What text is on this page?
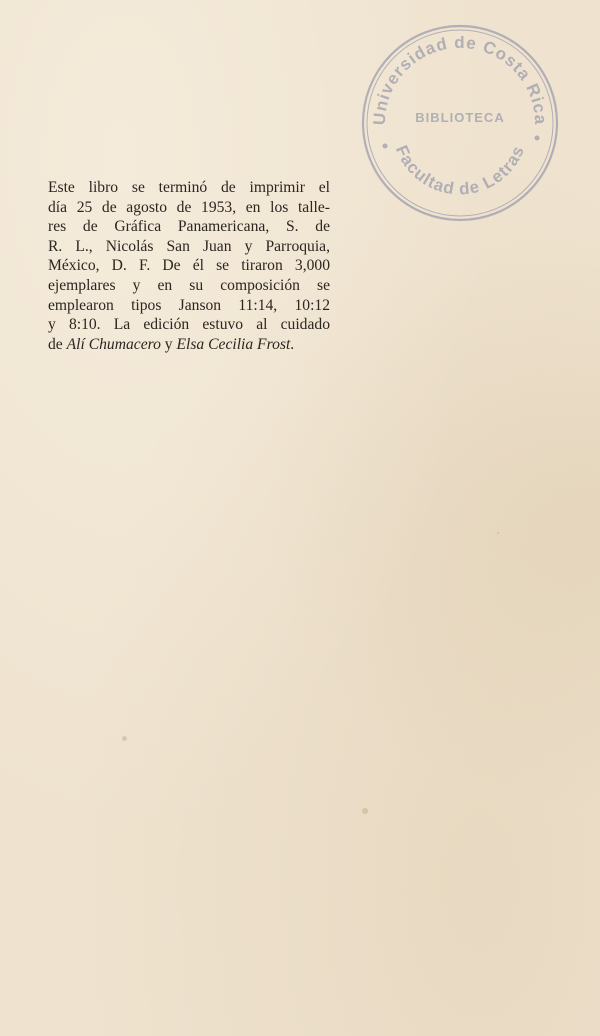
Universidad de Costa Rica
BIBLIOTECA
Facultad de Letras

Este libro se terminó de imprimir el
día 25 de agosto de 1953, en los talle-
res de Gráfica Panamericana, S. de
R. L., Nicolás San Juan y Parroquia,
México, D. F. De él se tiraron 3,000
ejemplares y en su composición se
emplearon tipos Janson 11:14, 10:12
y 8:10. La edición estuvo al cuidado
de Alí Chumacero y Elsa Cecilia Frost.
